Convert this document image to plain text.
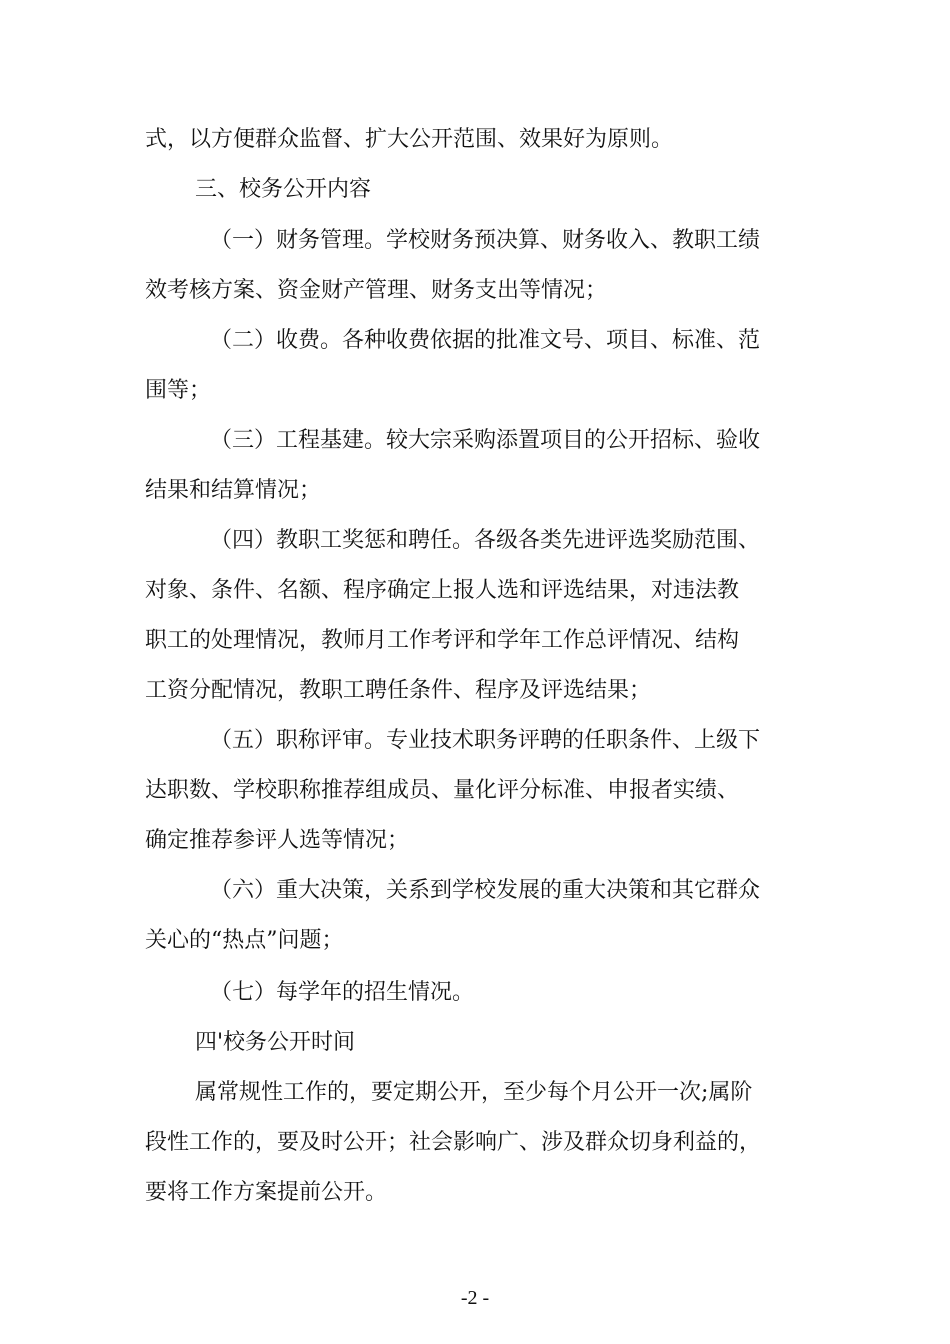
式，以方便群众监督、扩大公开范围、效果好为原则。
三、校务公开内容
（一）财务管理。学校财务预决算、财务收入、教职工绩
效考核方案、资金财产管理、财务支出等情况；
（二）收费。各种收费依据的批准文号、项目、标准、范
围等；
（三）工程基建。较大宗采购添置项目的公开招标、验收
结果和结算情况；
（四）教职工奖惩和聘任。各级各类先进评选奖励范围、
对象、条件、名额、程序确定上报人选和评选结果，对违法教
职工的处理情况，教师月工作考评和学年工作总评情况、结构
工资分配情况，教职工聘任条件、程序及评选结果；
（五）职称评审。专业技术职务评聘的任职条件、上级下
达职数、学校职称推荐组成员、量化评分标准、申报者实绩、
确定推荐参评人选等情况；
（六）重大决策，关系到学校发展的重大决策和其它群众
关心的“热点”问题；
（七）每学年的招生情况。
四'校务公开时间
属常规性工作的，要定期公开，至少每个月公开一次;属阶
段性工作的，要及时公开；社会影响广、涉及群众切身利益的，
要将工作方案提前公开。
-2 -
